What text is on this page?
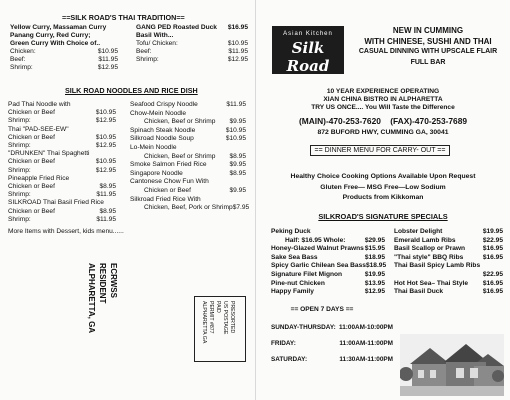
==SILK ROAD'S THAI TRADITION==
Yellow Curry, Massaman Curry
Panang Curry, Red Curry;
Green Curry With Choice of..
Chicken:	$10.95
Beef:	$11.95
Shrimp:	$12.95
GANG PED Roasted Duck	$16.95
Basil With...
Tofu/ Chicken:	$10.95
Beef:	$11.95
Shrimp:	$12.95
SILK ROAD NOODLES AND RICE DISH
Pad Thai Noodle with
Chicken or Beef	$10.95
Shrimp:	$12.95
Thai "PAD-SEE-EW"
Chicken or Beef	$10.95
Shrimp:	$12.95
"DRUNKEN" Thai Spaghetti
Chicken or Beef	$10.95
Shrimp:	$12.95
Pineapple Fried Rice
Chicken or Beef	$8.95
Shrimp:	$11.95
SILKROAD Thai Basil Fried Rice
Chicken or Beef	$8.95
Shrimp:	$11.95
Seafood Crispy Noodle	$11.95
Chow-Mein Noodle
Chicken, Beef or Shrimp	$9.95
Spinach Steak Noodle	$10.95
Silkroad Noodle Soup	$10.95
Lo-Mein Noodle
Chicken, Beef or Shrimp	$8.95
Smoke Salmon Fried Rice	$9.95
Singapore Noodle	$8.95
Cantonese Chow Fun With
Chicken or Beef	$9.95
Silkroad Fried Rice With
Chicken, Beef, Pork or Shrimp $7.95
More Items with Dessert, kids menu......
ECRWSS
RESIDENT
ALPHARETTA, GA	PRESORTED
US POSTAGE
PAID
PERMIT #877
ALPHARETTA GA
Asian Kitchen
Silk Road
NEW IN CUMMING
WITH CHINESE, SUSHI AND THAI
CASUAL DINNING WITH UPSCALE FLAIR
FULL BAR
10 YEAR EXPERIENCE OPERATING
XIAN CHINA BISTRO IN ALPHARETTA
TRY US ONCE.... You Will Taste the Difference
(MAIN)-470-253-7620 (FAX)-470-253-7689
872 BUFORD HWY, CUMMING GA, 30041
== DINNER MENU FOR CARRY- OUT ==
Healthy Choice Cooking Options Available Upon Request
Gluten Free— MSG Free—Low Sodium
Products from Kikkoman
SILKROAD'S SIGNATURE SPECIALS
Peking Duck
Half: $16.95 Whole:	$29.95
Honey-Glazed Walnut Prawns $15.95
Sake Sea Bass	$18.95
Spicy Garlic Chilean Sea Bass $18.95
Signature Filet Mignon	$19.95
Pine-nut Chicken	$13.95
Happy Family	$12.95
Lobster Delight	$19.95
Emerald Lamb Ribs	$22.95
Basil Scallop or Prawn	$16.95
"Thai style" BBQ Ribs	$16.95
Thai Basil Spicy Lamb Ribs
$22.95
Hot Hot Sea– Thai Style	$16.95
Thai Basil Duck	$16.95
== OPEN 7 DAYS ==
SUNDAY-THURSDAY: 11:00AM-10:00PM
FRIDAY:	11:00AM-11:00PM
SATURDAY:	11:30AM-11:00PM
